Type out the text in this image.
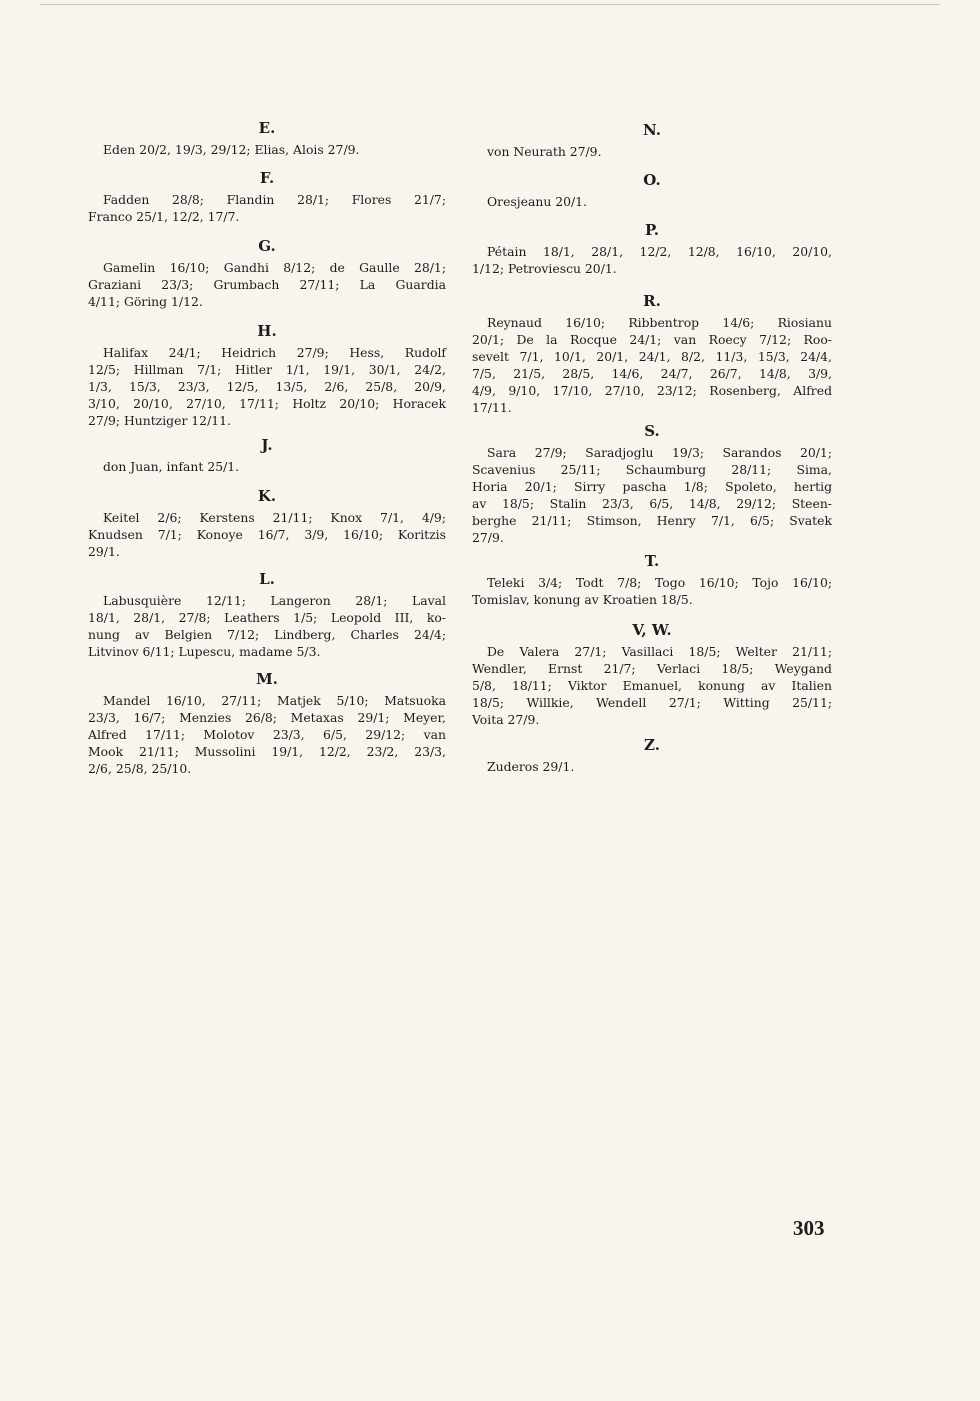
E.
Eden 20/2, 19/3, 29/12; Elias, Alois 27/9.
F.
Fadden 28/8; Flandin 28/1; Flores 21/7;
Franco 25/1, 12/2, 17/7.
G.
Gamelin 16/10; Gandhi 8/12; de Gaulle 28/1;
Graziani 23/3; Grumbach 27/11; La Guardia
4/11; Göring 1/12.
H.
Halifax 24/1; Heidrich 27/9; Hess, Rudolf
12/5; Hillman 7/1; Hitler 1/1, 19/1, 30/1, 24/2,
1/3, 15/3, 23/3, 12/5, 13/5, 2/6, 25/8, 20/9,
3/10, 20/10, 27/10, 17/11; Holtz 20/10; Horacek
27/9; Huntziger 12/11.
J.
don Juan, infant 25/1.
K.
Keitel 2/6; Kerstens 21/11; Knox 7/1, 4/9;
Knudsen 7/1; Konoye 16/7, 3/9, 16/10; Koritzis
29/1.
L.
Labusquière 12/11; Langeron 28/1; Laval
18/1, 28/1, 27/8; Leathers 1/5; Leopold III, ko-
nung av Belgien 7/12; Lindberg, Charles 24/4;
Litvinov 6/11; Lupescu, madame 5/3.
M.
Mandel 16/10, 27/11; Matjek 5/10; Matsuoka
23/3, 16/7; Menzies 26/8; Metaxas 29/1; Meyer,
Alfred 17/11; Molotov 23/3, 6/5, 29/12; van
Mook 21/11; Mussolini 19/1, 12/2, 23/2, 23/3,
2/6, 25/8, 25/10.
N.
von Neurath 27/9.
O.
Oresjeanu 20/1.
P.
Pétain 18/1, 28/1, 12/2, 12/8, 16/10, 20/10,
1/12; Petroviescu 20/1.
R.
Reynaud 16/10; Ribbentrop 14/6; Riosianu
20/1; De la Rocque 24/1; van Roecy 7/12; Roo-
sevelt 7/1, 10/1, 20/1, 24/1, 8/2, 11/3, 15/3, 24/4,
7/5, 21/5, 28/5, 14/6, 24/7, 26/7, 14/8, 3/9,
4/9, 9/10, 17/10, 27/10, 23/12; Rosenberg, Alfred
17/11.
S.
Sara 27/9; Saradjoglu 19/3; Sarandos 20/1;
Scavenius 25/11; Schaumburg 28/11; Sima,
Horia 20/1; Sirry pascha 1/8; Spoleto, hertig
av 18/5; Stalin 23/3, 6/5, 14/8, 29/12; Steen-
berghe 21/11; Stimson, Henry 7/1, 6/5; Svatek
27/9.
T.
Teleki 3/4; Todt 7/8; Togo 16/10; Tojo 16/10;
Tomislav, konung av Kroatien 18/5.
V, W.
De Valera 27/1; Vasillaci 18/5; Welter 21/11;
Wendler, Ernst 21/7; Verlaci 18/5; Weygand
5/8, 18/11; Viktor Emanuel, konung av Italien
18/5; Willkie, Wendell 27/1; Witting 25/11;
Voita 27/9.
Z.
Zuderos 29/1.
303
